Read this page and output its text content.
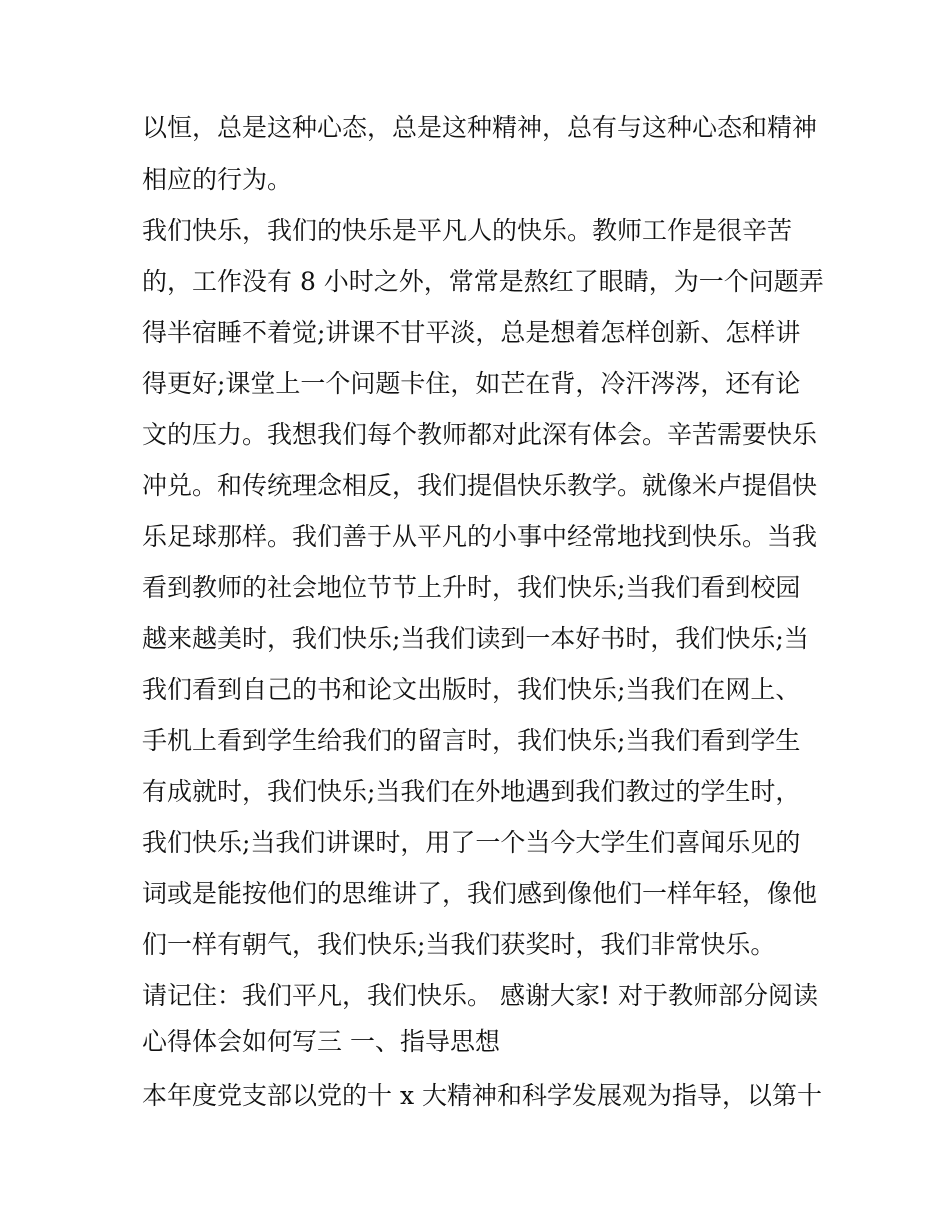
以恒，总是这种心态，总是这种精神，总有与这种心态和精神
相应的行为。
我们快乐，我们的快乐是平凡人的快乐。教师工作是很辛苦
的，工作没有 8 小时之外，常常是熬红了眼睛，为一个问题弄
得半宿睡不着觉;讲课不甘平淡，总是想着怎样创新、怎样讲
得更好;课堂上一个问题卡住，如芒在背，冷汗涔涔，还有论
文的压力。我想我们每个教师都对此深有体会。辛苦需要快乐
冲兑。和传统理念相反，我们提倡快乐教学。就像米卢提倡快
乐足球那样。我们善于从平凡的小事中经常地找到快乐。当我
看到教师的社会地位节节上升时，我们快乐;当我们看到校园
越来越美时，我们快乐;当我们读到一本好书时，我们快乐;当
我们看到自己的书和论文出版时，我们快乐;当我们在网上、
手机上看到学生给我们的留言时，我们快乐;当我们看到学生
有成就时，我们快乐;当我们在外地遇到我们教过的学生时，
我们快乐;当我们讲课时，用了一个当今大学生们喜闻乐见的
词或是能按他们的思维讲了，我们感到像他们一样年轻，像他
们一样有朝气，我们快乐;当我们获奖时，我们非常快乐。
请记住：我们平凡，我们快乐。 感谢大家! 对于教师部分阅读
心得体会如何写三 一、指导思想
本年度党支部以党的十 x 大精神和科学发展观为指导，以第十
